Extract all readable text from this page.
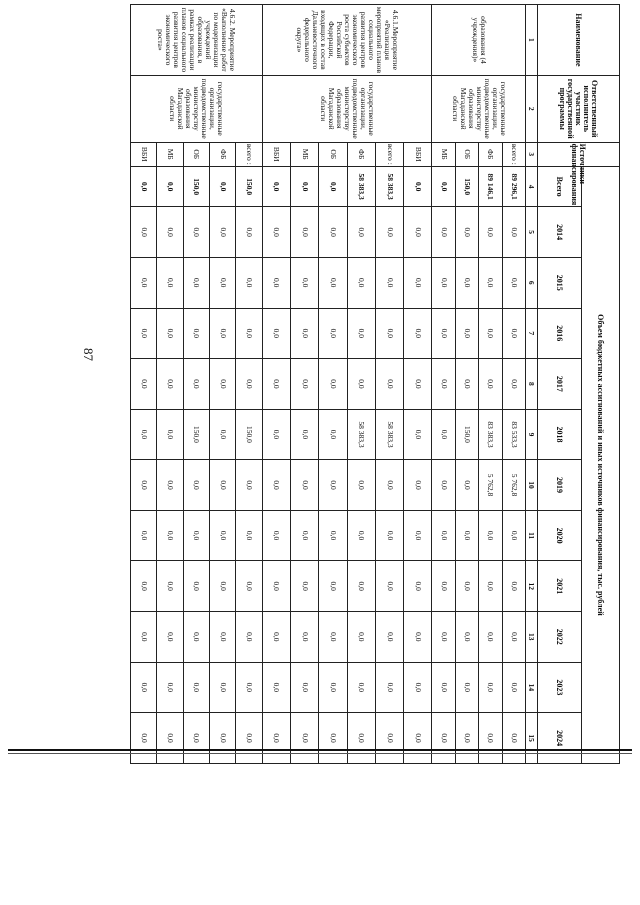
87
Наименование	Ответственный исполнитель участник государственной программы	Источники финансирования	Объем бюджетных ассигнований и иных источников финансирования, тыс. рублей											
			Всего	2014	2015	2016	2017	2018	2019	2020	2021	2022	2023	2024
1	2	3	4	5	6	7	8	9	10	11	12	13	14	15
образования (4 учреждения)»	государственные организации, подведомственные министерству образования Магаданской области	всего :	89 296,1	0,0	0,0	0,0	0,0	83 533,3	5 762,8	0,0	0,0	0,0	0,0	0,0
		ФБ	89 146,1	0,0	0,0	0,0	0,0	83 383,3	5 762,8	0,0	0,0	0,0	0,0	0,0
		ОБ	150,0	0,0	0,0	0,0	0,0	150,0	0,0	0,0	0,0	0,0	0,0	0,0
		МБ	0,0	0,0	0,0	0,0	0,0	0,0	0,0	0,0	0,0	0,0	0,0	0,0
4.6.1.Мероприятие «Реализация мероприятий планов социального развития центров экономического роста субъектов Российской Федерации, входящих в состав Дальневосточного федерального округа»	государственные организации, подведомственные министерству образования Магаданской области	ВБИ	0,0	0,0	0,0	0,0	0,0	0,0	0,0	0,0	0,0	0,0	0,0	0,0
		всего :	58 383,3	0,0	0,0	0,0	0,0	58 383,3	0,0	0,0	0,0	0,0	0,0	0,0
		ФБ	58 383,3	0,0	0,0	0,0	0,0	58 383,3	0,0	0,0	0,0	0,0	0,0	0,0
		ОБ	0,0	0,0	0,0	0,0	0,0	0,0	0,0	0,0	0,0	0,0	0,0	0,0
		МБ	0,0	0,0	0,0	0,0	0,0	0,0	0,0	0,0	0,0	0,0	0,0	0,0
		ВБИ	0,0	0,0	0,0	0,0	0,0	0,0	0,0	0,0	0,0	0,0	0,0	0,0
4.6.2. Мероприятие «Выполнение работ по модернизации учреждений образования, в рамках реализации планов социального развития центров экономического роста»	государственные организации, подведомственные министерству образования Магаданской области	всего :	150,0	0,0	0,0	0,0	0,0	150,0	0,0	0,0	0,0	0,0	0,0	0,0
		ФБ	0,0	0,0	0,0	0,0	0,0	0,0	0,0	0,0	0,0	0,0	0,0	0,0
		ОБ	150,0	0,0	0,0	0,0	0,0	150,0	0,0	0,0	0,0	0,0	0,0	0,0
		МБ	0,0	0,0	0,0	0,0	0,0	0,0	0,0	0,0	0,0	0,0	0,0	0,0
		ВБИ	0,0	0,0	0,0	0,0	0,0	0,0	0,0	0,0	0,0	0,0	0,0	0,0
